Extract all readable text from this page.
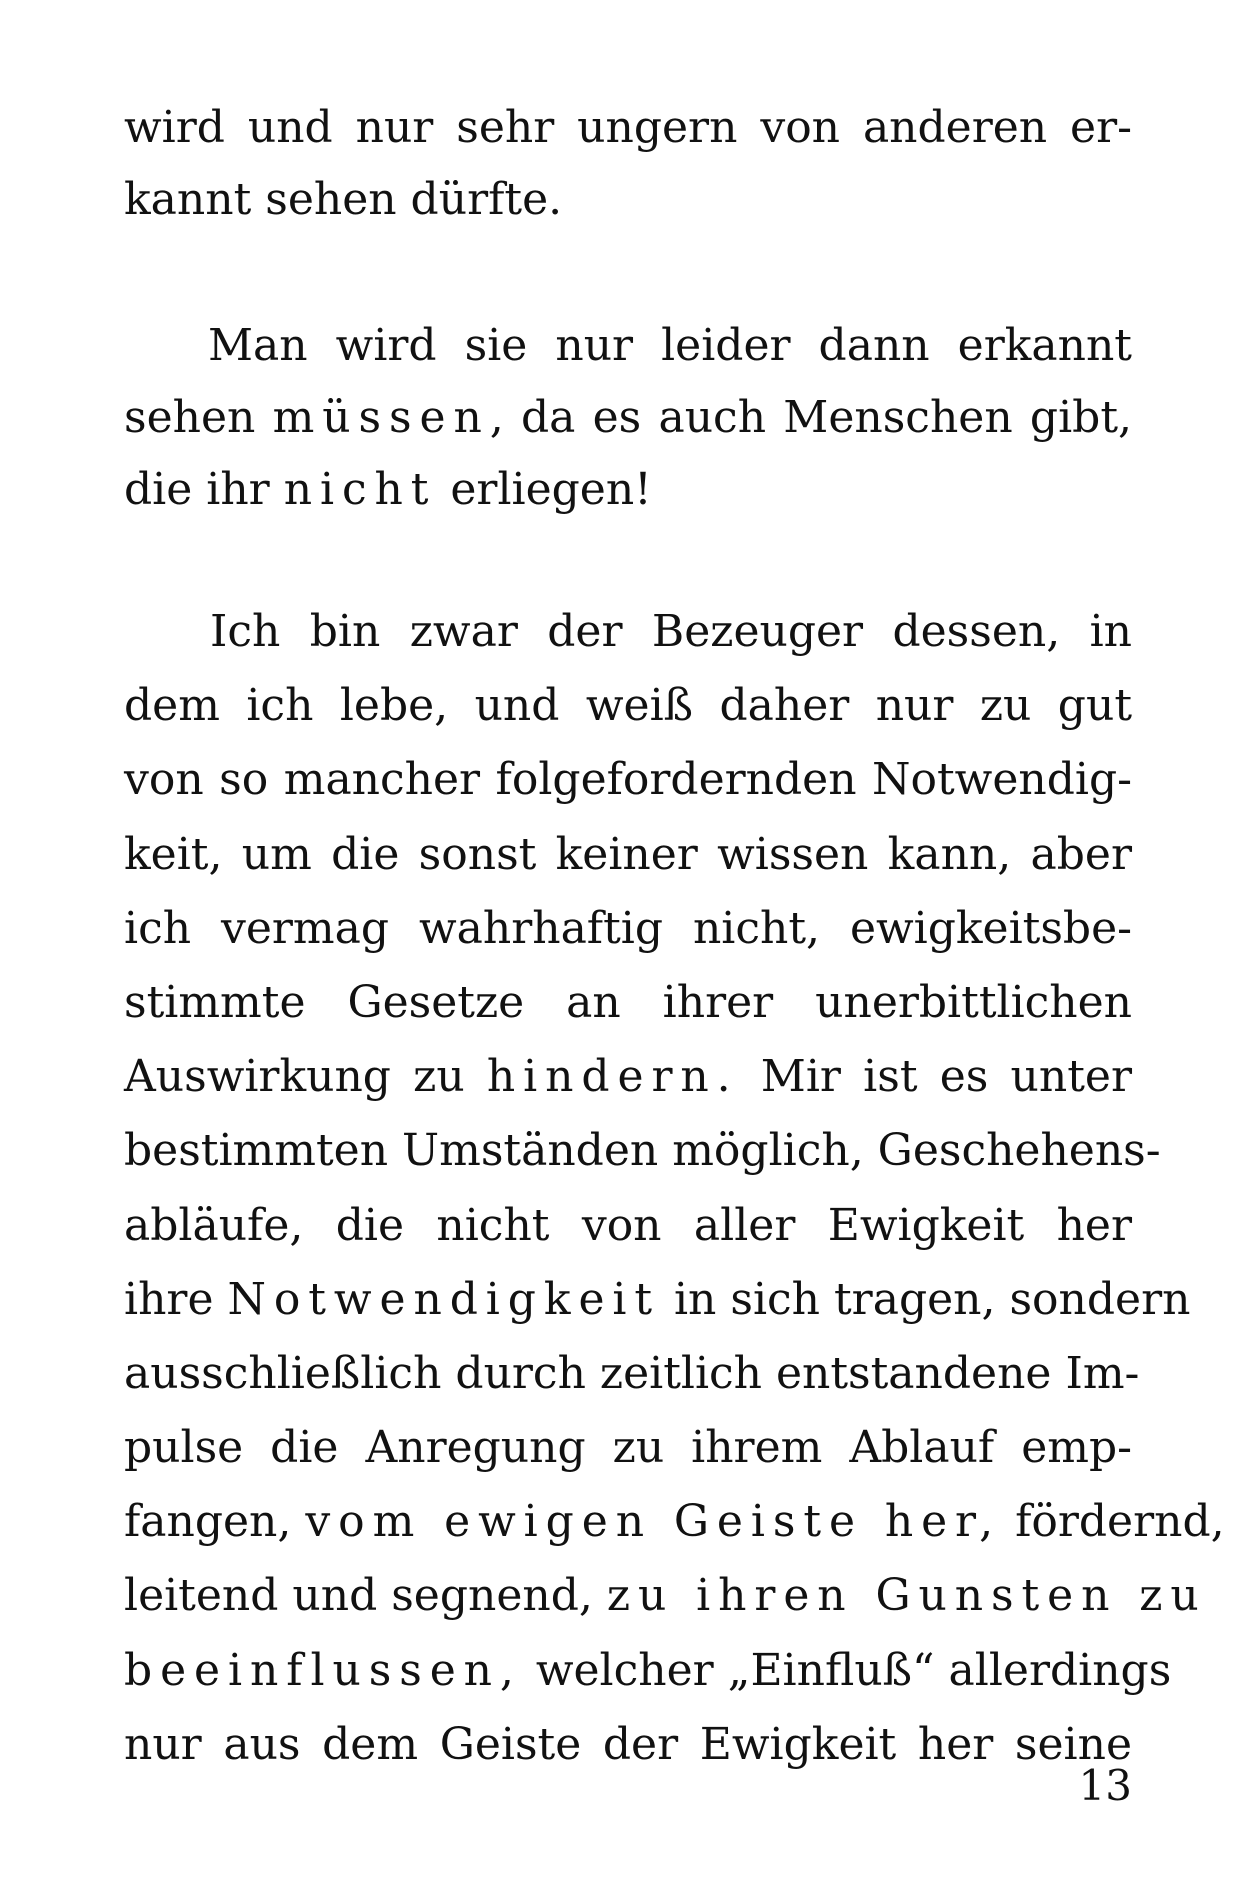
wird und nur sehr ungern von anderen er-
kannt sehen dürfte.
Man wird sie nur leider dann erkannt
sehen müssen, da es auch Menschen gibt,
die ihr nicht erliegen!
Ich bin zwar der Bezeuger dessen, in
dem ich lebe, und weiß daher nur zu gut
von so mancher folgefordernden Notwendig-
keit, um die sonst keiner wissen kann, aber
ich vermag wahrhaftig nicht, ewigkeitsbe-
stimmte Gesetze an ihrer unerbittlichen
Auswirkung zu hindern. Mir ist es unter
bestimmten Umständen möglich, Geschehens-
abläufe, die nicht von aller Ewigkeit her
ihre Notwendigkeit in sich tragen, sondern
ausschließlich durch zeitlich entstandene Im-
pulse die Anregung zu ihrem Ablauf emp-
fangen, vom ewigen Geiste her, fördernd,
leitend und segnend, zu ihren Gunsten zu
beeinflussen, welcher „Einfluß“ allerdings
nur aus dem Geiste der Ewigkeit her seine
13
